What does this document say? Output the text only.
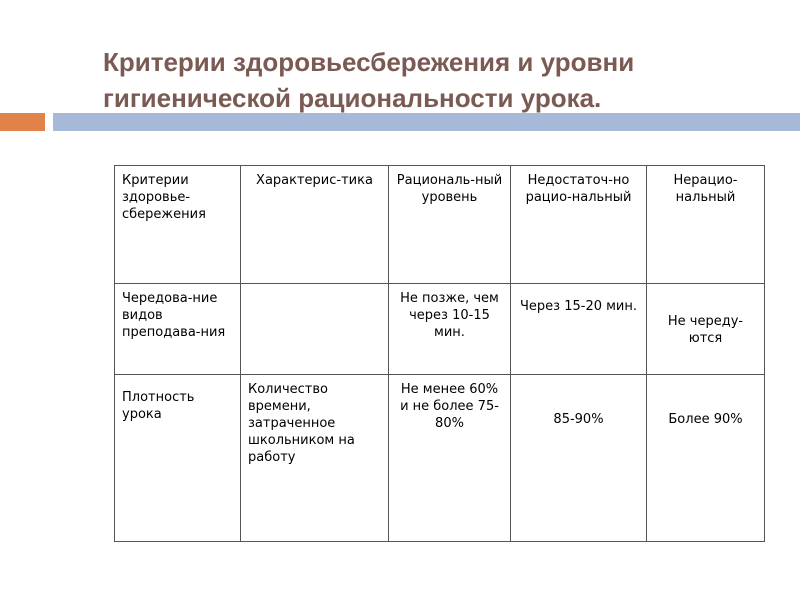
Критерии здоровьесбережения и уровни
гигиенической рациональности урока.
Критерии здоровье-сбережения	Характерис-тика	Рациональ-ный уровень	Недостаточ-но рацио-нальный	Нерацио-нальный
Чередова-ние видов преподава-ния		Не позже, чем через 10-15 мин.	Через 15-20 мин.	Не череду-ются
Плотность урока	Количество времени, затраченное школьником на работу	Не менее 60% и не более 75-80%	85-90%	Более 90%
